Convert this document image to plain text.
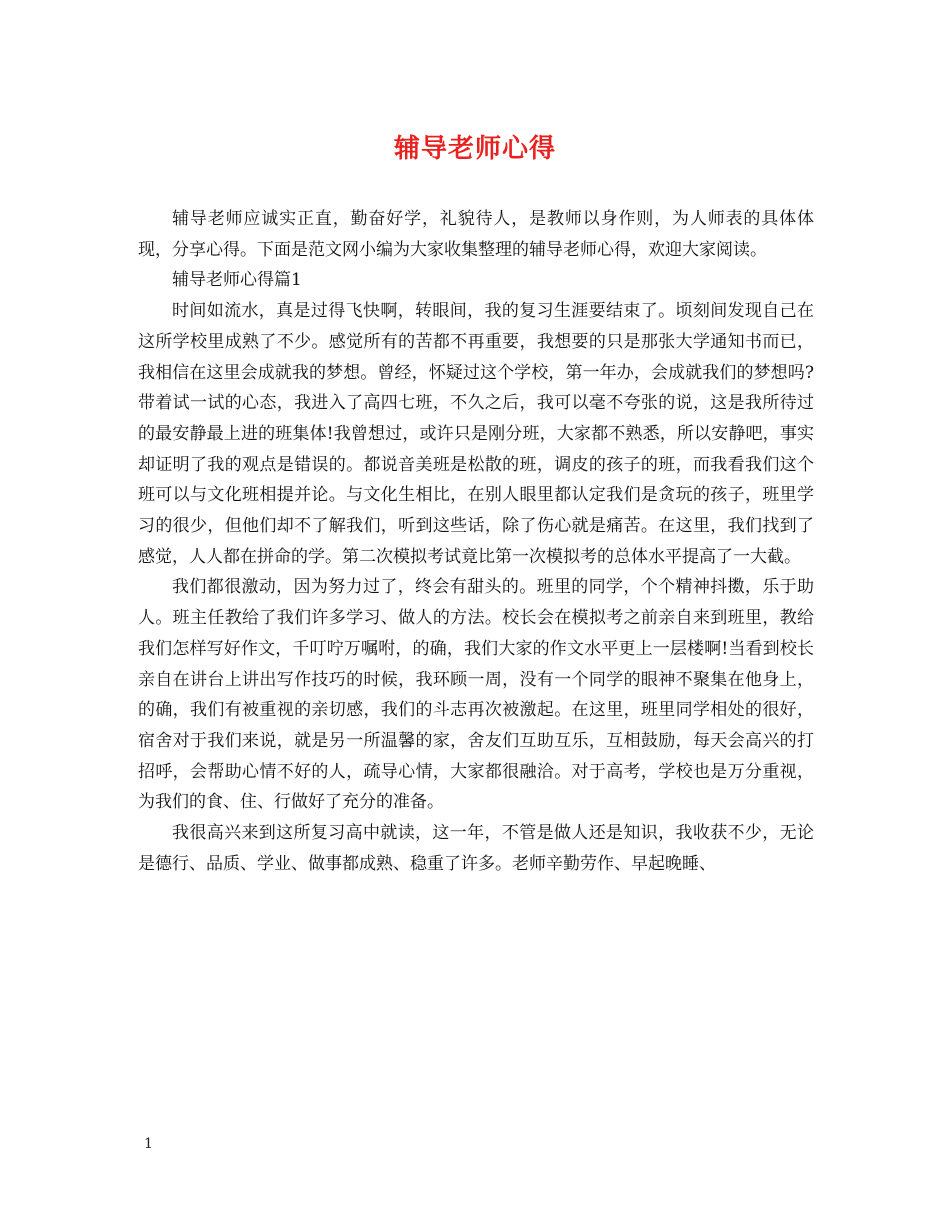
辅导老师心得

辅导老师应诚实正直，勤奋好学，礼貌待人，是教师以身作则，为人师表的具体体现，分享心得。下面是范文网小编为大家收集整理的辅导老师心得，欢迎大家阅读。

辅导老师心得篇1

时间如流水，真是过得飞快啊，转眼间，我的复习生涯要结束了。顷刻间发现自己在这所学校里成熟了不少。感觉所有的苦都不再重要，我想要的只是那张大学通知书而已，我相信在这里会成就我的梦想。曾经，怀疑过这个学校，第一年办，会成就我们的梦想吗?带着试一试的心态，我进入了高四七班，不久之后，我可以毫不夸张的说，这是我所待过的最安静最上进的班集体!我曾想过，或许只是刚分班，大家都不熟悉，所以安静吧，事实却证明了我的观点是错误的。都说音美班是松散的班，调皮的孩子的班，而我看我们这个班可以与文化班相提并论。与文化生相比，在别人眼里都认定我们是贪玩的孩子，班里学习的很少，但他们却不了解我们，听到这些话，除了伤心就是痛苦。在这里，我们找到了感觉，人人都在拼命的学。第二次模拟考试竟比第一次模拟考的总体水平提高了一大截。

我们都很激动，因为努力过了，终会有甜头的。班里的同学，个个精神抖擞，乐于助人。班主任教给了我们许多学习、做人的方法。校长会在模拟考之前亲自来到班里，教给我们怎样写好作文，千叮咛万嘱咐，的确，我们大家的作文水平更上一层楼啊!当看到校长亲自在讲台上讲出写作技巧的时候，我环顾一周，没有一个同学的眼神不聚集在他身上，的确，我们有被重视的亲切感，我们的斗志再次被激起。在这里，班里同学相处的很好，宿舍对于我们来说，就是另一所温馨的家，舍友们互助互乐，互相鼓励，每天会高兴的打招呼，会帮助心情不好的人，疏导心情，大家都很融洽。对于高考，学校也是万分重视，为我们的食、住、行做好了充分的准备。

我很高兴来到这所复习高中就读，这一年，不管是做人还是知识，我收获不少，无论是德行、品质、学业、做事都成熟、稳重了许多。老师辛勤劳作、早起晚睡、

1
